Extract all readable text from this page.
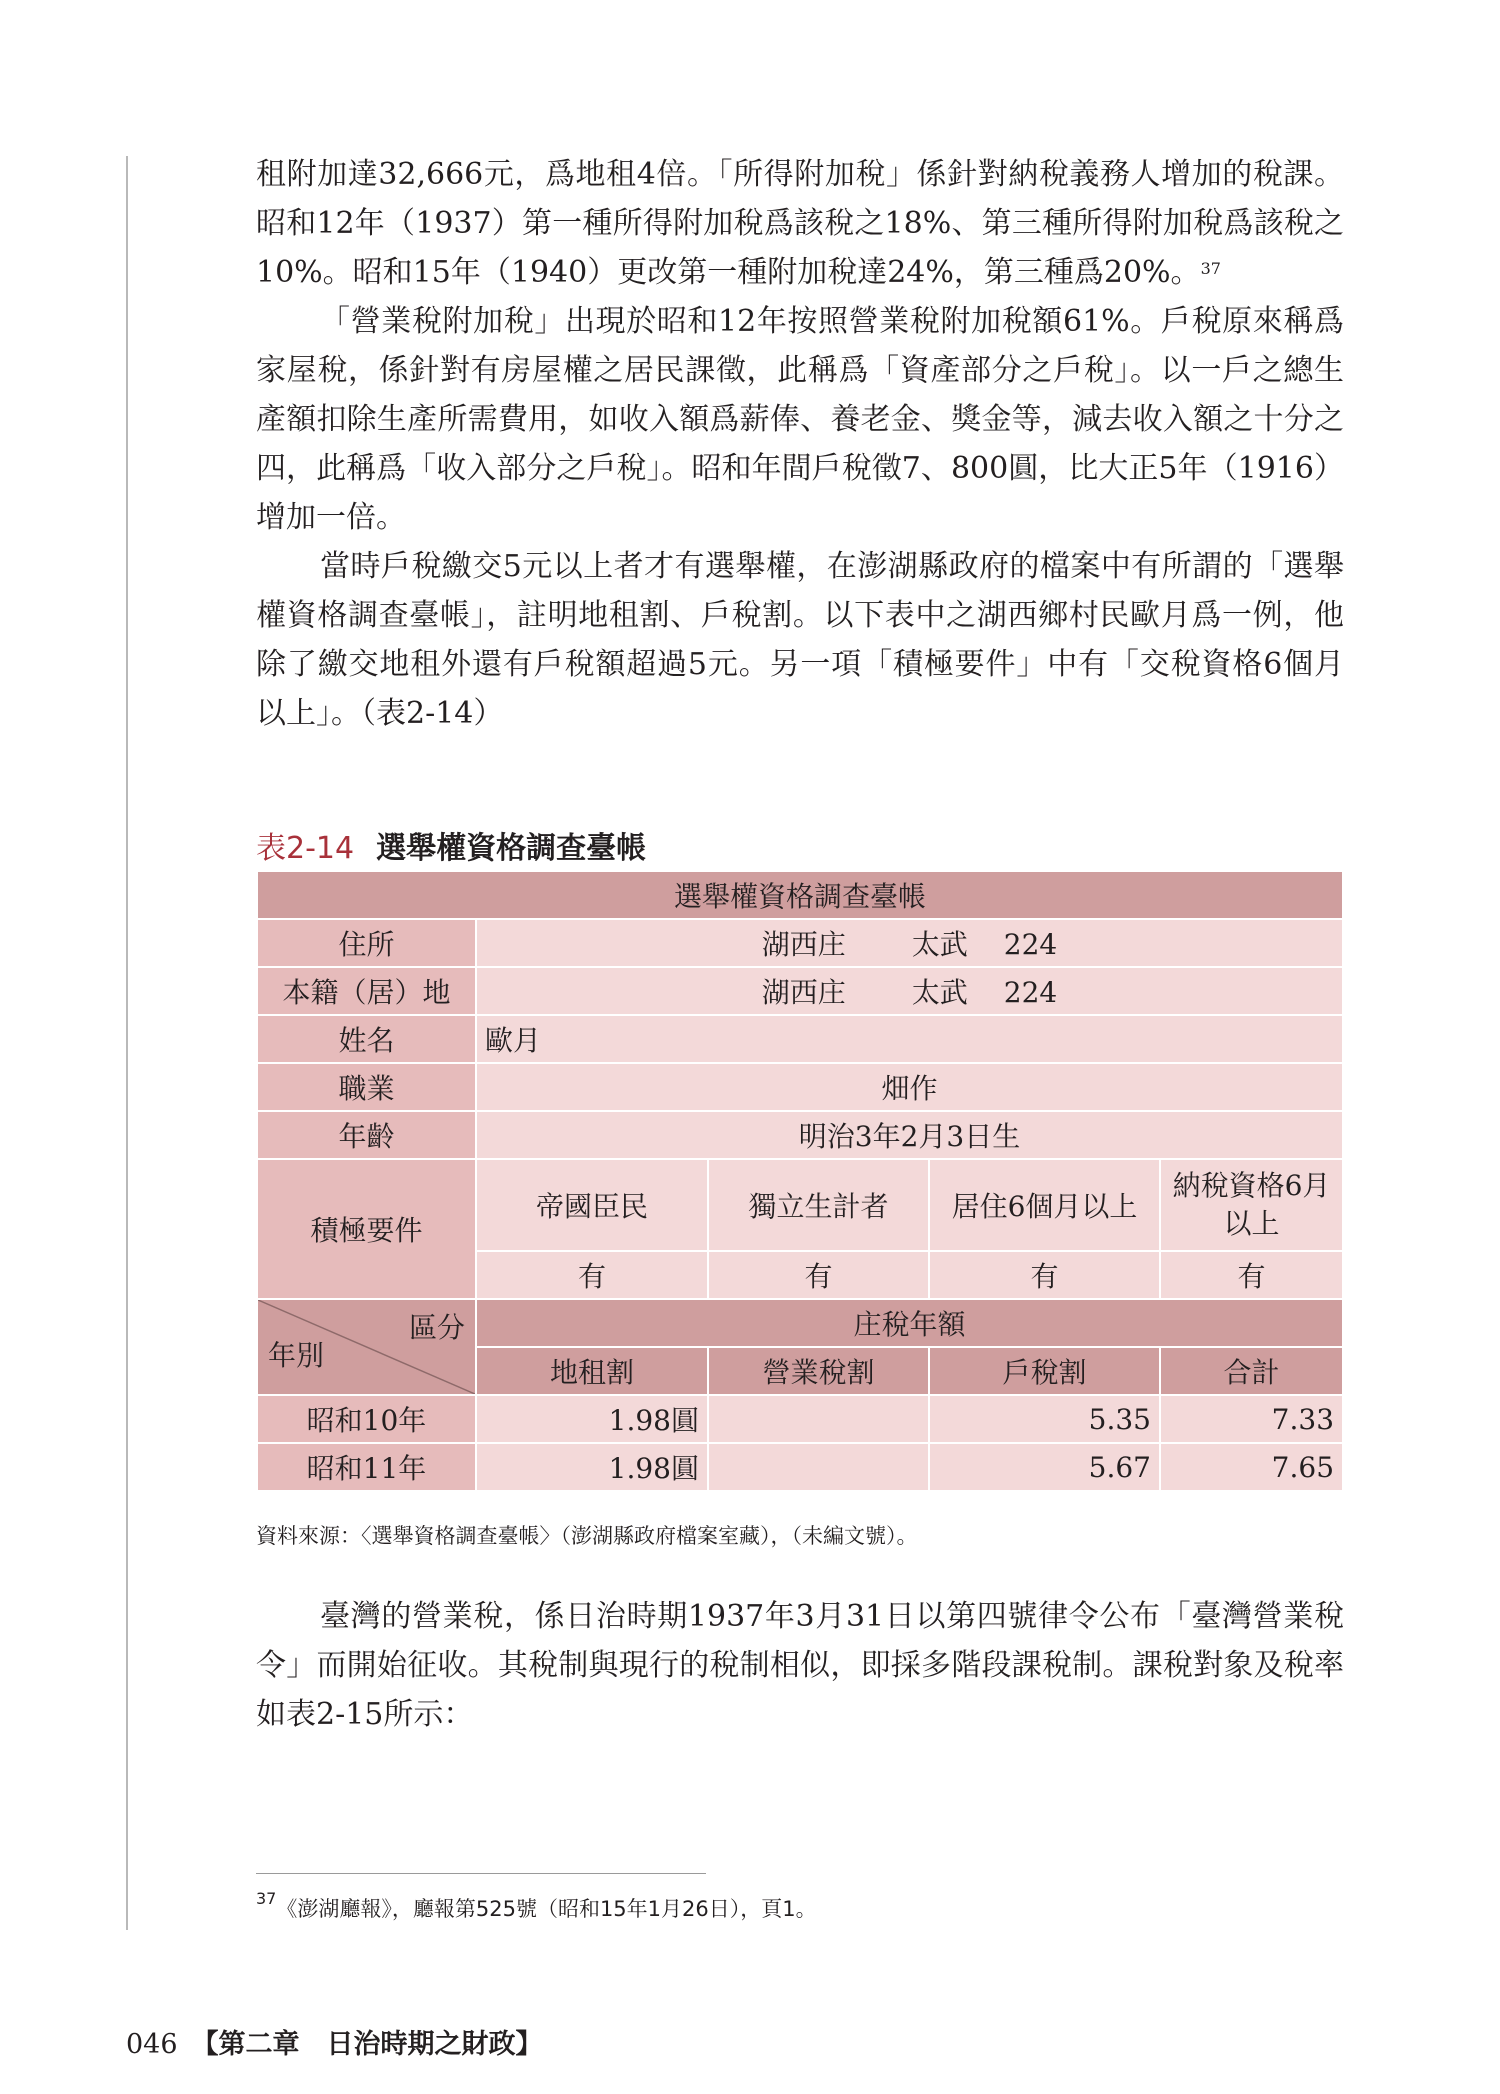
租附加達32,666元，爲地租4倍。「所得附加稅」係針對納稅義務人增加的稅課。昭和12年（1937）第一種所得附加稅爲該稅之18%、第三種所得附加稅爲該稅之10%。昭和15年（1940）更改第一種附加稅達24%，第三種爲20%。$^{37}$

「營業稅附加稅」出現於昭和12年按照營業稅附加稅額61%。戶稅原來稱爲家屋稅，係針對有房屋權之居民課徵，此稱爲「資產部分之戶稅」。以一戶之總生產額扣除生產所需費用，如收入額爲薪俸、養老金、獎金等，減去收入額之十分之四，此稱爲「收入部分之戶稅」。昭和年間戶稅徵7、800圓，比大正5年（1916）增加一倍。

當時戶稅繳交5元以上者才有選舉權，在澎湖縣政府的檔案中有所謂的「選舉權資格調查臺帳」，註明地租割、戶稅割。以下表中之湖西鄉村民歐月爲一例，他除了繳交地租外還有戶稅額超過5元。另一項「積極要件」中有「交稅資格6個月以上」。（表2-14）

表2-14 選舉權資格調查臺帳
選舉權資格調查臺帳				
住所	湖西庄 太武 224			
本籍（居）地	湖西庄 太武 224			
姓名	歐月			
職業	畑作			
年齡	明治3年2月3日生			
積極要件	帝國臣民	獨立生計者	居住6個月以上	納稅資格6月以上
	有	有	有	有

區分
年別	庄稅年額			
	地租割	營業稅割	戶稅割	合計
昭和10年	1.98圓		5.35	7.33
昭和11年	1.98圓		5.67	7.65
資料來源：〈選舉資格調查臺帳〉（澎湖縣政府檔案室藏），（未編文號）。

臺灣的營業稅，係日治時期1937年3月31日以第四號律令公布「臺灣營業稅令」而開始征收。其稅制與現行的稅制相似，即採多階段課稅制。課稅對象及稅率如表2-15所示：

$^{37}$《澎湖廳報》，廳報第525號（昭和15年1月26日），頁1。
046 【第二章　日治時期之財政】
